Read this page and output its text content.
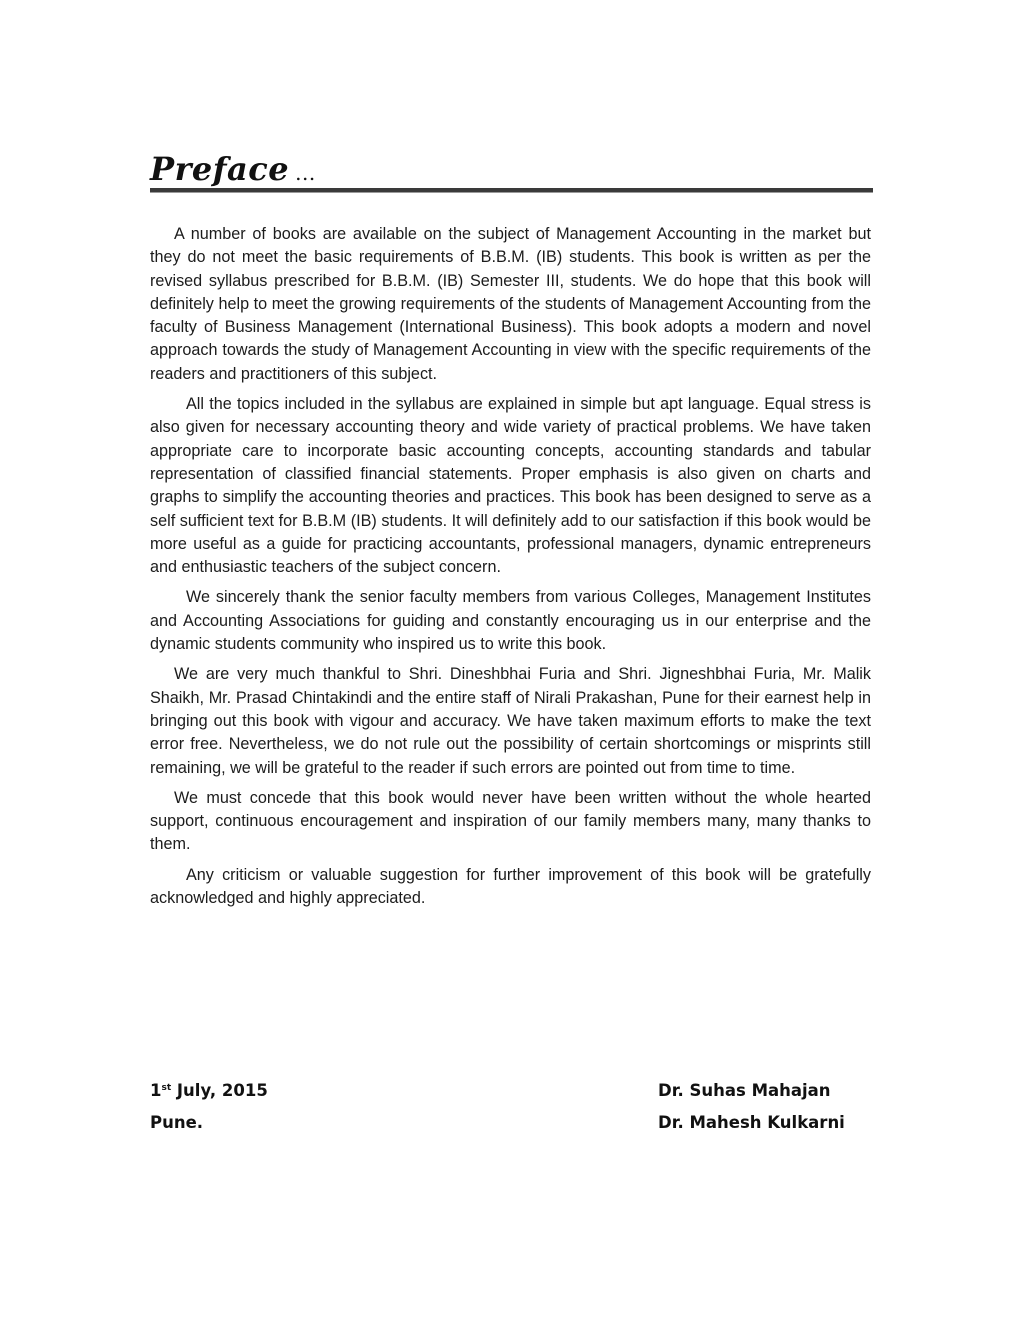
Preface ...

A number of books are available on the subject of Management Accounting in the market but they do not meet the basic requirements of B.B.M. (IB) students. This book is written as per the revised syllabus prescribed for B.B.M. (IB) Semester III, students. We do hope that this book will definitely help to meet the growing requirements of the students of Management Accounting from the faculty of Business Management (International Business). This book adopts a modern and novel approach towards the study of Management Accounting in view with the specific requirements of the readers and practitioners of this subject.

All the topics included in the syllabus are explained in simple but apt language. Equal stress is also given for necessary accounting theory and wide variety of practical problems. We have taken appropriate care to incorporate basic accounting concepts, accounting standards and tabular representation of classified financial statements. Proper emphasis is also given on charts and graphs to simplify the accounting theories and practices. This book has been designed to serve as a self sufficient text for B.B.M (IB) students. It will definitely add to our satisfaction if this book would be more useful as a guide for practicing accountants, professional managers, dynamic entrepreneurs and enthusiastic teachers of the subject concern.

We sincerely thank the senior faculty members from various Colleges, Management Institutes and Accounting Associations for guiding and constantly encouraging us in our enterprise and the dynamic students community who inspired us to write this book.

We are very much thankful to Shri. Dineshbhai Furia and Shri. Jigneshbhai Furia, Mr. Malik Shaikh, Mr. Prasad Chintakindi and the entire staff of Nirali Prakashan, Pune for their earnest help in bringing out this book with vigour and accuracy. We have taken maximum efforts to make the text error free. Nevertheless, we do not rule out the possibility of certain shortcomings or misprints still remaining, we will be grateful to the reader if such errors are pointed out from time to time.

We must concede that this book would never have been written without the whole hearted support, continuous encouragement and inspiration of our family members many, many thanks to them.

Any criticism or valuable suggestion for further improvement of this book will be gratefully acknowledged and highly appreciated.

1st July, 2015
Pune.
Dr. Suhas Mahajan
Dr. Mahesh Kulkarni
